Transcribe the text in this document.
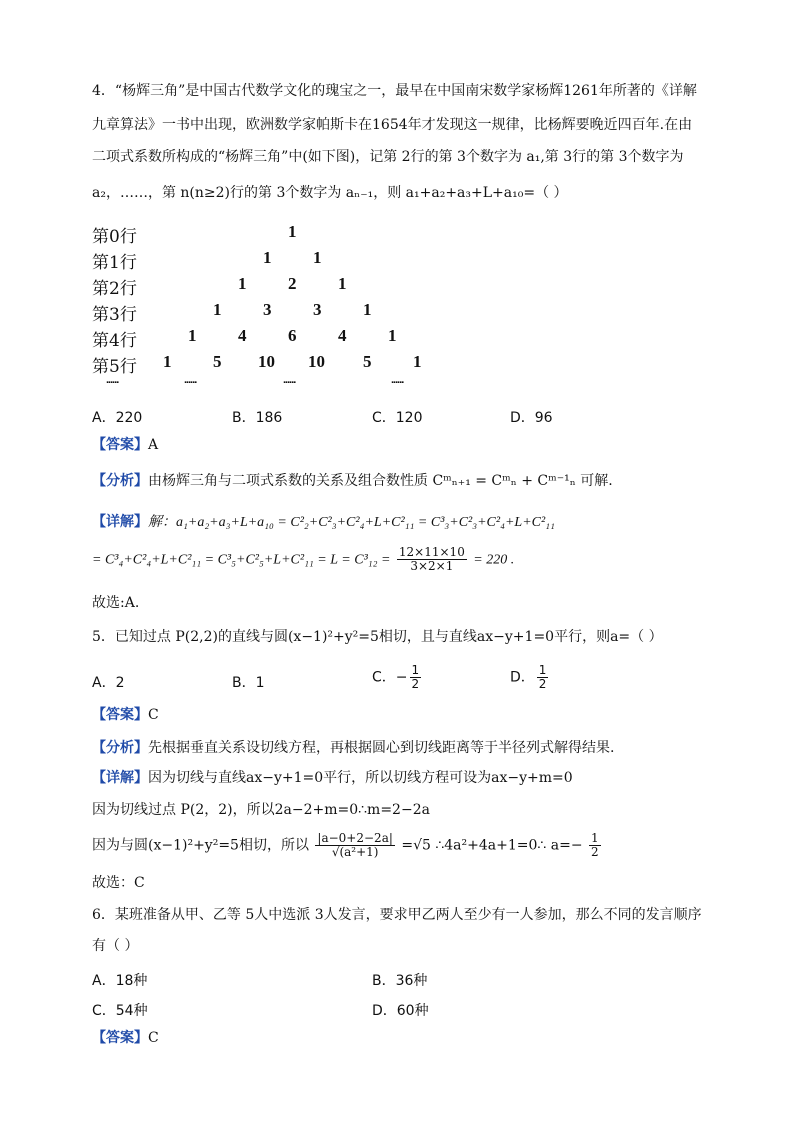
4．“杨辉三角”是中国古代数学文化的瑰宝之一，最早在中国南宋数学家杨辉1261年所著的《详解
九章算法》一书中出现，欧洲数学家帕斯卡在1654年才发现这一规律，比杨辉要晚近四百年.在由
二项式系数所构成的“杨辉三角”中(如下图)，记第 2行的第 3个数字为 a₁,第 3行的第 3个数字为
a₂，……，第 n(n≥2)行的第 3个数字为 aₙ₋₁，则 a₁+a₂+a₃+L+a₁₀=（ ）
第0行	1
第1行	1 1
第2行	1 2 1
第3行	1 3 3 1
第4行	1 4 6 4 1
第5行 1 5 10 10 5 1
......	......	......	......
A．220	B．186	C．120	D．96
【答案】A
【分析】由杨辉三角与二项式系数的关系及组合数性质 Cᵐₙ₊₁ = Cᵐₙ + Cᵐ⁻¹ₙ 可解.
【详解】解：a₁+a₂+a₃+L+a₁₀ = C²₂+C²₃+C²₄+L+C²₁₁ = C³₃+C²₃+C²₄+L+C²₁₁
= $C^3_4+C^2_4+L+C^2_{11} = C^3_5+C^2_5+L+C^2_{11} = L = C^3_{12} = \frac{12\times 11\times 10}{3\times 2\times 1} = 220$ .
故选:A.
5．已知过点 P(2,2)的直线与圆(x−1)²+y²=5相切，且与直线ax−y+1=0平行，则a=（ ）
A．2	B．1	C．− $\frac{1}{2}$	D． $\frac{1}{2}$
【答案】C
【分析】先根据垂直关系设切线方程，再根据圆心到切线距离等于半径列式解得结果.
【详解】因为切线与直线ax−y+1=0平行，所以切线方程可设为ax−y+m=0
因为切线过点 P(2，2)，所以2a−2+m=0∴m=2−2a
因为与圆(x−1)²+y²=5相切，所以 $\frac{|a-0+2-2a|}{\text{√(a²+1)}} =√5$ ∴4a²+4a+1=0∴ $a=- \frac{1}{2}$
故选：C
6．某班准备从甲、乙等 5人中选派 3人发言，要求甲乙两人至少有一人参加，那么不同的发言顺序
有（ ）
A．18种	B．36种
C．54种	D．60种
【答案】C
